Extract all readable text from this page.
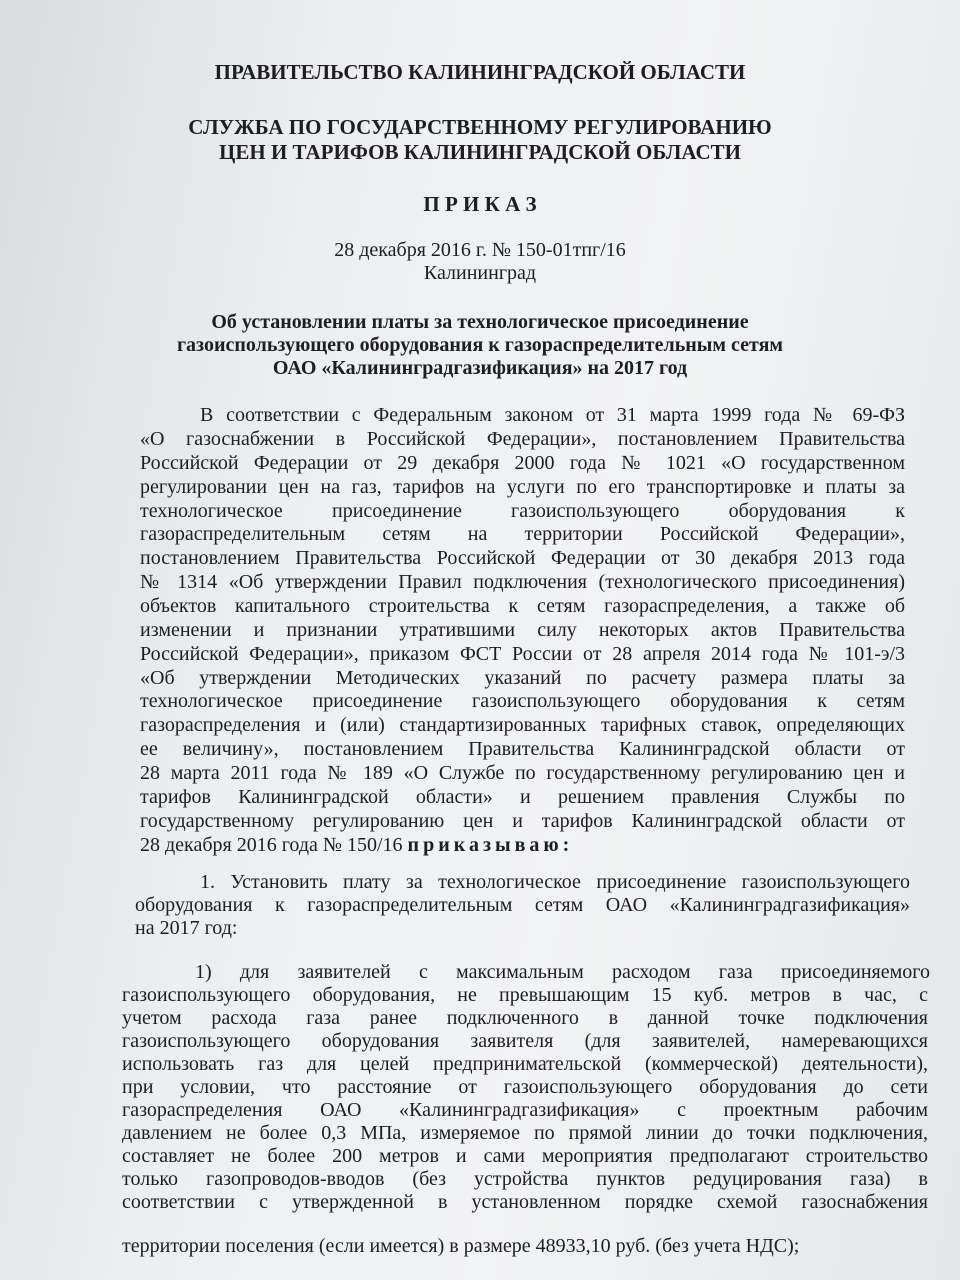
ПРАВИТЕЛЬСТВО КАЛИНИНГРАДСКОЙ ОБЛАСТИ
СЛУЖБА ПО ГОСУДАРСТВЕННОМУ РЕГУЛИРОВАНИЮ
ЦЕН И ТАРИФОВ КАЛИНИНГРАДСКОЙ ОБЛАСТИ
П Р И К А З
28 декабря 2016 г. № 150-01тпг/16
Калининград
Об установлении платы за технологическое присоединение
газоиспользующего оборудования к газораспределительным сетям
ОАО «Калининградгазификация» на 2017 год
В соответствии с Федеральным законом от 31 марта 1999 года № 69-ФЗ
«О газоснабжении в Российской Федерации», постановлением Правительства
Российской Федерации от 29 декабря 2000 года № 1021 «О государственном
регулировании цен на газ, тарифов на услуги по его транспортировке и платы за
технологическое присоединение газоиспользующего оборудования к
газораспределительным сетям на территории Российской Федерации»,
постановлением Правительства Российской Федерации от 30 декабря 2013 года
№ 1314 «Об утверждении Правил подключения (технологического присоединения)
объектов капитального строительства к сетям газораспределения, а также об
изменении и признании утратившими силу некоторых актов Правительства
Российской Федерации», приказом ФСТ России от 28 апреля 2014 года № 101-э/3
«Об утверждении Методических указаний по расчету размера платы за
технологическое присоединение газоиспользующего оборудования к сетям
газораспределения и (или) стандартизированных тарифных ставок, определяющих
ее величину», постановлением Правительства Калининградской области от
28 марта 2011 года № 189 «О Службе по государственному регулированию цен и
тарифов Калининградской области» и решением правления Службы по
государственному регулированию цен и тарифов Калининградской области от
28 декабря 2016 года № 150/16 приказываю:
1. Установить плату за технологическое присоединение газоиспользующего
оборудования к газораспределительным сетям ОАО «Калининградгазификация»
на 2017 год:
1) для заявителей с максимальным расходом газа присоединяемого
газоиспользующего оборудования, не превышающим 15 куб. метров в час, с
учетом расхода газа ранее подключенного в данной точке подключения
газоиспользующего оборудования заявителя (для заявителей, намеревающихся
использовать газ для целей предпринимательской (коммерческой) деятельности),
при условии, что расстояние от газоиспользующего оборудования до сети
газораспределения ОАО «Калининградгазификация» с проектным рабочим
давлением не более 0,3 МПа, измеряемое по прямой линии до точки подключения,
составляет не более 200 метров и сами мероприятия предполагают строительство
только газопроводов-вводов (без устройства пунктов редуцирования газа) в
соответствии с утвержденной в установленном порядке схемой газоснабжения
территории поселения (если имеется) в размере 48933,10 руб. (без учета НДС);
